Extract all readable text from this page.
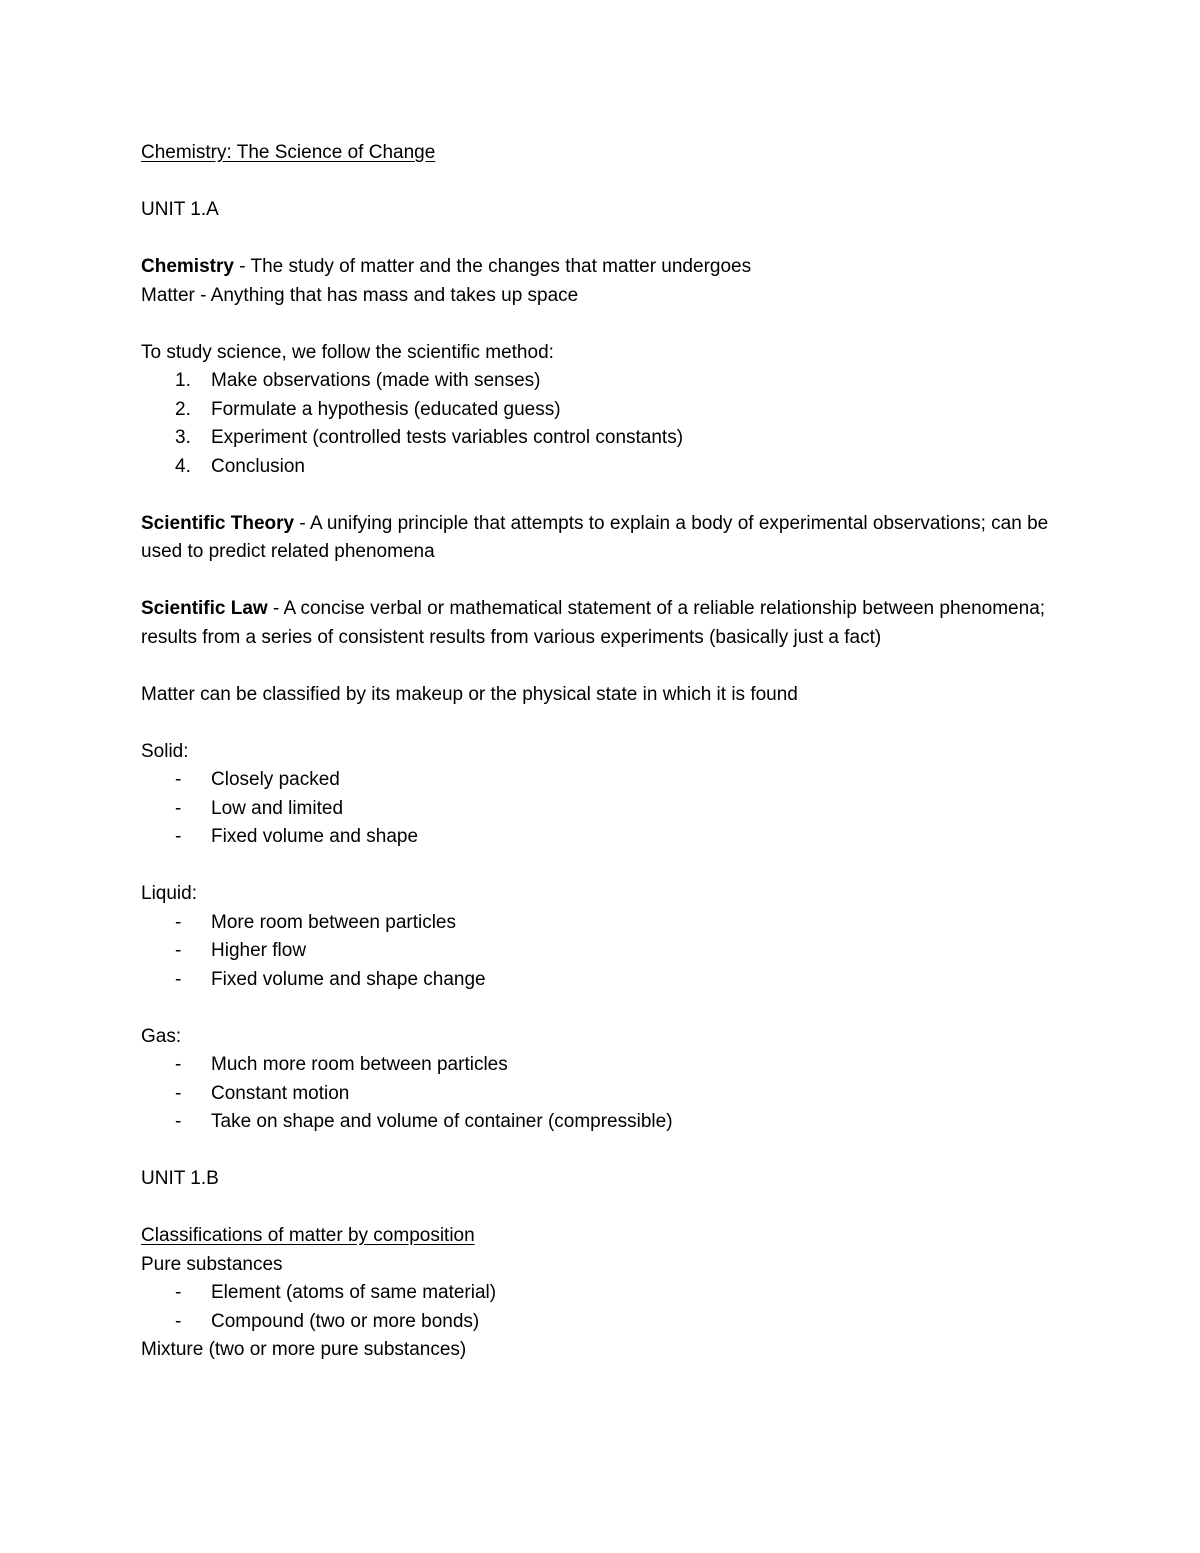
Chemistry: The Science of Change

UNIT 1.A

Chemistry - The study of matter and the changes that matter undergoes

Matter - Anything that has mass and takes up space

To study science, we follow the scientific method:

1. Make observations (made with senses)
2. Formulate a hypothesis (educated guess)
3. Experiment (controlled tests variables control constants)
4. Conclusion

Scientific Theory - A unifying principle that attempts to explain a body of experimental observations; can be used to predict related phenomena

Scientific Law - A concise verbal or mathematical statement of a reliable relationship between phenomena; results from a series of consistent results from various experiments (basically just a fact)

Matter can be classified by its makeup or the physical state in which it is found

Solid:

- Closely packed
- Low and limited
- Fixed volume and shape

Liquid:

- More room between particles
- Higher flow
- Fixed volume and shape change

Gas:

- Much more room between particles
- Constant motion
- Take on shape and volume of container (compressible)

UNIT 1.B

Classifications of matter by composition

Pure substances

- Element (atoms of same material)
- Compound (two or more bonds)

Mixture (two or more pure substances)
